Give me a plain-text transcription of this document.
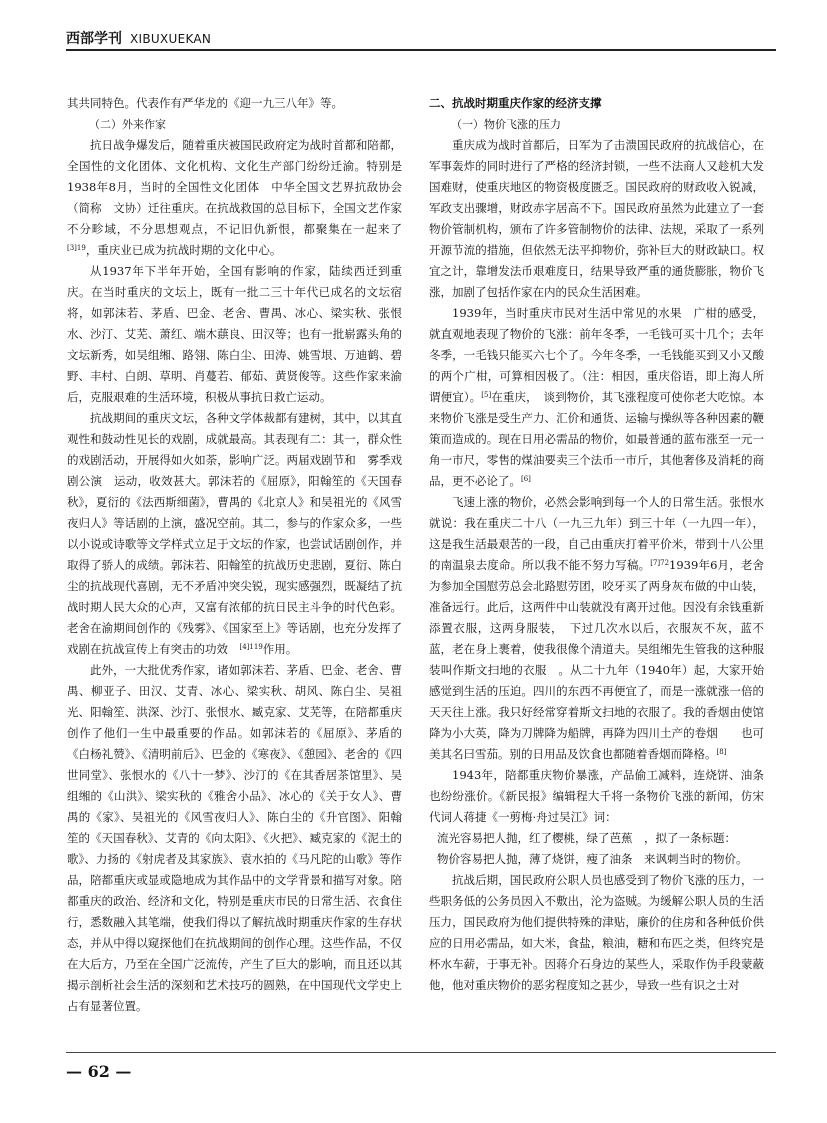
西部学刊 XIBUXUEKAN

其共同特色。代表作有严华龙的《迎一九三八年》等。

（二）外来作家

抗日战争爆发后，随着重庆被国民政府定为战时首都和陪都，全国性的文化团体、文化机构、文化生产部门纷纷迁渝。特别是1938年8月，当时的全国性文化团体　中华全国文艺界抗敌协会（简称　文协）迁往重庆。在抗战救国的总目标下，全国文艺作家不分畛域，不分思想观点，不记旧仇新恨，都聚集在一起来了　$^{[3]19}$，重庆业已成为抗战时期的文化中心。

从1937年下半年开始，全国有影响的作家，陆续西迁到重庆。在当时重庆的文坛上，既有一批二三十年代已成名的文坛宿将，如郭沫若、茅盾、巴金、老舍、曹禺、冰心、梁实秋、张恨水、沙汀、艾芜、萧红、端木蕻良、田汉等；也有一批崭露头角的文坛新秀，如吴组缃、路翎、陈白尘、田涛、姚雪垠、万迪鹤、碧野、丰村、白朗、草明、肖蔓若、郁茹、黄贤俊等。这些作家来渝后，克服艰难的生活环境，积极从事抗日救亡运动。

抗战期间的重庆文坛，各种文学体裁都有建树，其中，以其直观性和鼓动性见长的戏剧，成就最高。其表现有二：其一，群众性的戏剧活动，开展得如火如荼，影响广泛。两届戏剧节和　雾季戏剧公演　运动，收效甚大。郭沫若的《屈原》，阳翰笙的《天国春秋》，夏衍的《法西斯细菌》，曹禺的《北京人》和吴祖光的《风雪夜归人》等话剧的上演，盛况空前。其二，参与的作家众多，一些以小说或诗歌等文学样式立足于文坛的作家，也尝试话剧创作，并取得了骄人的成绩。郭沫若、阳翰笙的抗战历史悲剧，夏衍、陈白尘的抗战现代喜剧，无不矛盾冲突尖锐，现实感强烈，既凝结了抗战时期人民大众的心声，又富有浓郁的抗日民主斗争的时代色彩。老舍在渝期间创作的《残雾》、《国家至上》等话剧，也充分发挥了　戏剧在抗战宣传上有突击的功效　$^{[4]119}$作用。

此外，一大批优秀作家，诸如郭沫若、茅盾、巴金、老舍、曹禺、柳亚子、田汉、艾青、冰心、梁实秋、胡风、陈白尘、吴祖光、阳翰笙、洪深、沙汀、张恨水、臧克家、艾芜等，在陪都重庆创作了他们一生中最重要的作品。如郭沫若的《屈原》、茅盾的《白杨礼赞》、《清明前后》、巴金的《寒夜》、《憩园》、老舍的《四世同堂》、张恨水的《八十一梦》、沙汀的《在其香居茶馆里》、吴组缃的《山洪》、梁实秋的《雅舍小品》、冰心的《关于女人》、曹禺的《家》、吴祖光的《风雪夜归人》、陈白尘的《升官图》、阳翰笙的《天国春秋》、艾青的《向太阳》、《火把》、臧克家的《泥土的歌》、力扬的《射虎者及其家族》、袁水拍的《马凡陀的山歌》等作品，陪都重庆或显或隐地成为其作品中的文学背景和描写对象。陪都重庆的政治、经济和文化，特别是重庆市民的日常生活、衣食住行，悉数融入其笔端，使我们得以了解抗战时期重庆作家的生存状态，并从中得以窥探他们在抗战期间的创作心理。这些作品，不仅在大后方，乃至在全国广泛流传，产生了巨大的影响，而且还以其揭示剖析社会生活的深刻和艺术技巧的圆熟，在中国现代文学史上占有显著位置。

二、抗战时期重庆作家的经济支撑

（一）物价飞涨的压力

重庆成为战时首都后，日军为了击溃国民政府的抗战信心，在军事轰炸的同时进行了严格的经济封锁，一些不法商人又趁机大发国难财，使重庆地区的物资极度匮乏。国民政府的财政收入锐减，军政支出骤增，财政赤字居高不下。国民政府虽然为此建立了一套物价管制机构，颁布了许多管制物价的法律、法规，采取了一系列开源节流的措施，但依然无法平抑物价，弥补巨大的财政缺口。权宜之计，靠增发法币艰难度日，结果导致严重的通货膨胀，物价飞涨，加剧了包括作家在内的民众生活困难。

1939年，当时重庆市民对生活中常见的水果　广柑的感受，就直观地表现了物价的飞涨：前年冬季，一毛钱可买十几个；去年冬季，一毛钱只能买六七个了。今年冬季，一毛钱能买到又小又酸的两个广柑，可算相因极了。（注：相因，重庆俗语，即上海人所谓便宜）。[5]在重庆，　谈到物价，其飞涨程度可使你老大吃惊。本来物价飞涨是受生产力、汇价和通货、运输与操纵等各种因素的鞭策而造成的。现在日用必需品的物价，如最普通的蓝布涨至一元一角一市尺，零售的煤油要卖三个法币一市斤，其他奢侈及消耗的商品，更不必论了。[6]

飞速上涨的物价，必然会影响到每一个人的日常生活。张恨水就说：我在重庆二十八（一九三九年）到三十年（一九四一年），这是我生活最艰苦的一段，自己由重庆打着平价米，带到十八公里的南温泉去度命。所以我不能不努力写稿。$^{[7]72}$1939年6月，老舍为参加全国慰劳总会北路慰劳团，咬牙买了两身灰布做的中山装，准备远行。此后，这两件中山装就没有离开过他。因没有余钱重新添置衣服，这两身服装，　下过几次水以后，衣服灰不灰，蓝不蓝，老在身上裹着，使我很像个清道夫。吴组缃先生管我的这种服装叫作斯文扫地的衣服　。从二十九年（1940年）起，大家开始感觉到生活的压迫。四川的东西不再便宜了，而是一涨就涨一倍的天天往上涨。我只好经常穿着斯文扫地的衣服了。我的香烟由使馆降为小大英，降为刀牌降为船牌，再降为四川土产的卷烟　　也可美其名曰雪茄。别的日用品及饮食也都随着香烟而降格。[8]

1943年，陪都重庆物价暴涨，产品偷工减料，连烧饼、油条也纷纷涨价。《新民报》编辑程大千将一条物价飞涨的新闻，仿宋代词人蒋捷《一剪梅·舟过吴江》词：

流光容易把人抛，红了樱桃，绿了芭蕉　，拟了一条标题：

物价容易把人抛，薄了烧饼，瘦了油条　来讽刺当时的物价。

抗战后期，国民政府公职人员也感受到了物价飞涨的压力，一些职务低的公务员因入不敷出，沦为盗贼。为缓解公职人员的生活压力，国民政府为他们提供特殊的津贴，廉价的住房和各种低价供应的日用必需品，如大米，食盐，粮油，糖和布匹之类，但终究是杯水车薪，于事无补。因蒋介石身边的某些人，采取作伪手段蒙蔽他，他对重庆物价的恶劣程度知之甚少，导致一些有识之士对

— 62 —
